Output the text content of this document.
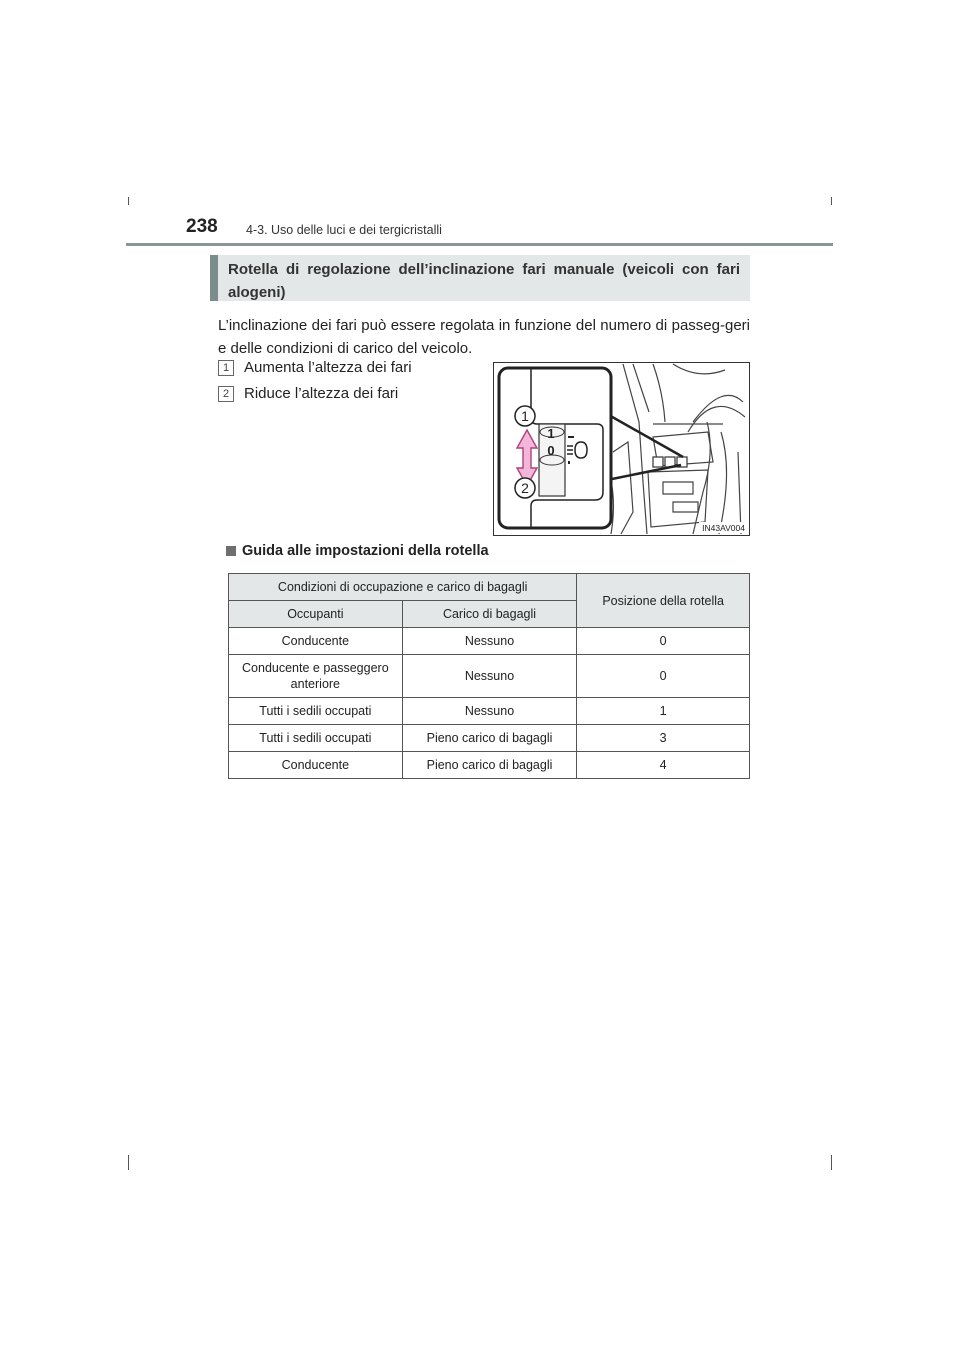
238 4-3. Uso delle luci e dei tergicristalli
Rotella di regolazione dell’inclinazione fari manuale (veicoli con fari alogeni)
L’inclinazione dei fari può essere regolata in funzione del numero di passeg-geri e delle condizioni di carico del veicolo.
1 Aumenta l’altezza dei fari
2 Riduce l’altezza dei fari
1
0
1
2
IN43AV004
Guida alle impostazioni della rotella
Condizioni di occupazione e carico di bagagli		Posizione della rotella
Occupanti	Carico di bagagli	
Conducente	Nessuno	0
Conducente e passeggero anteriore	Nessuno	0
Tutti i sedili occupati	Nessuno	1
Tutti i sedili occupati	Pieno carico di bagagli	3
Conducente	Pieno carico di bagagli	4
